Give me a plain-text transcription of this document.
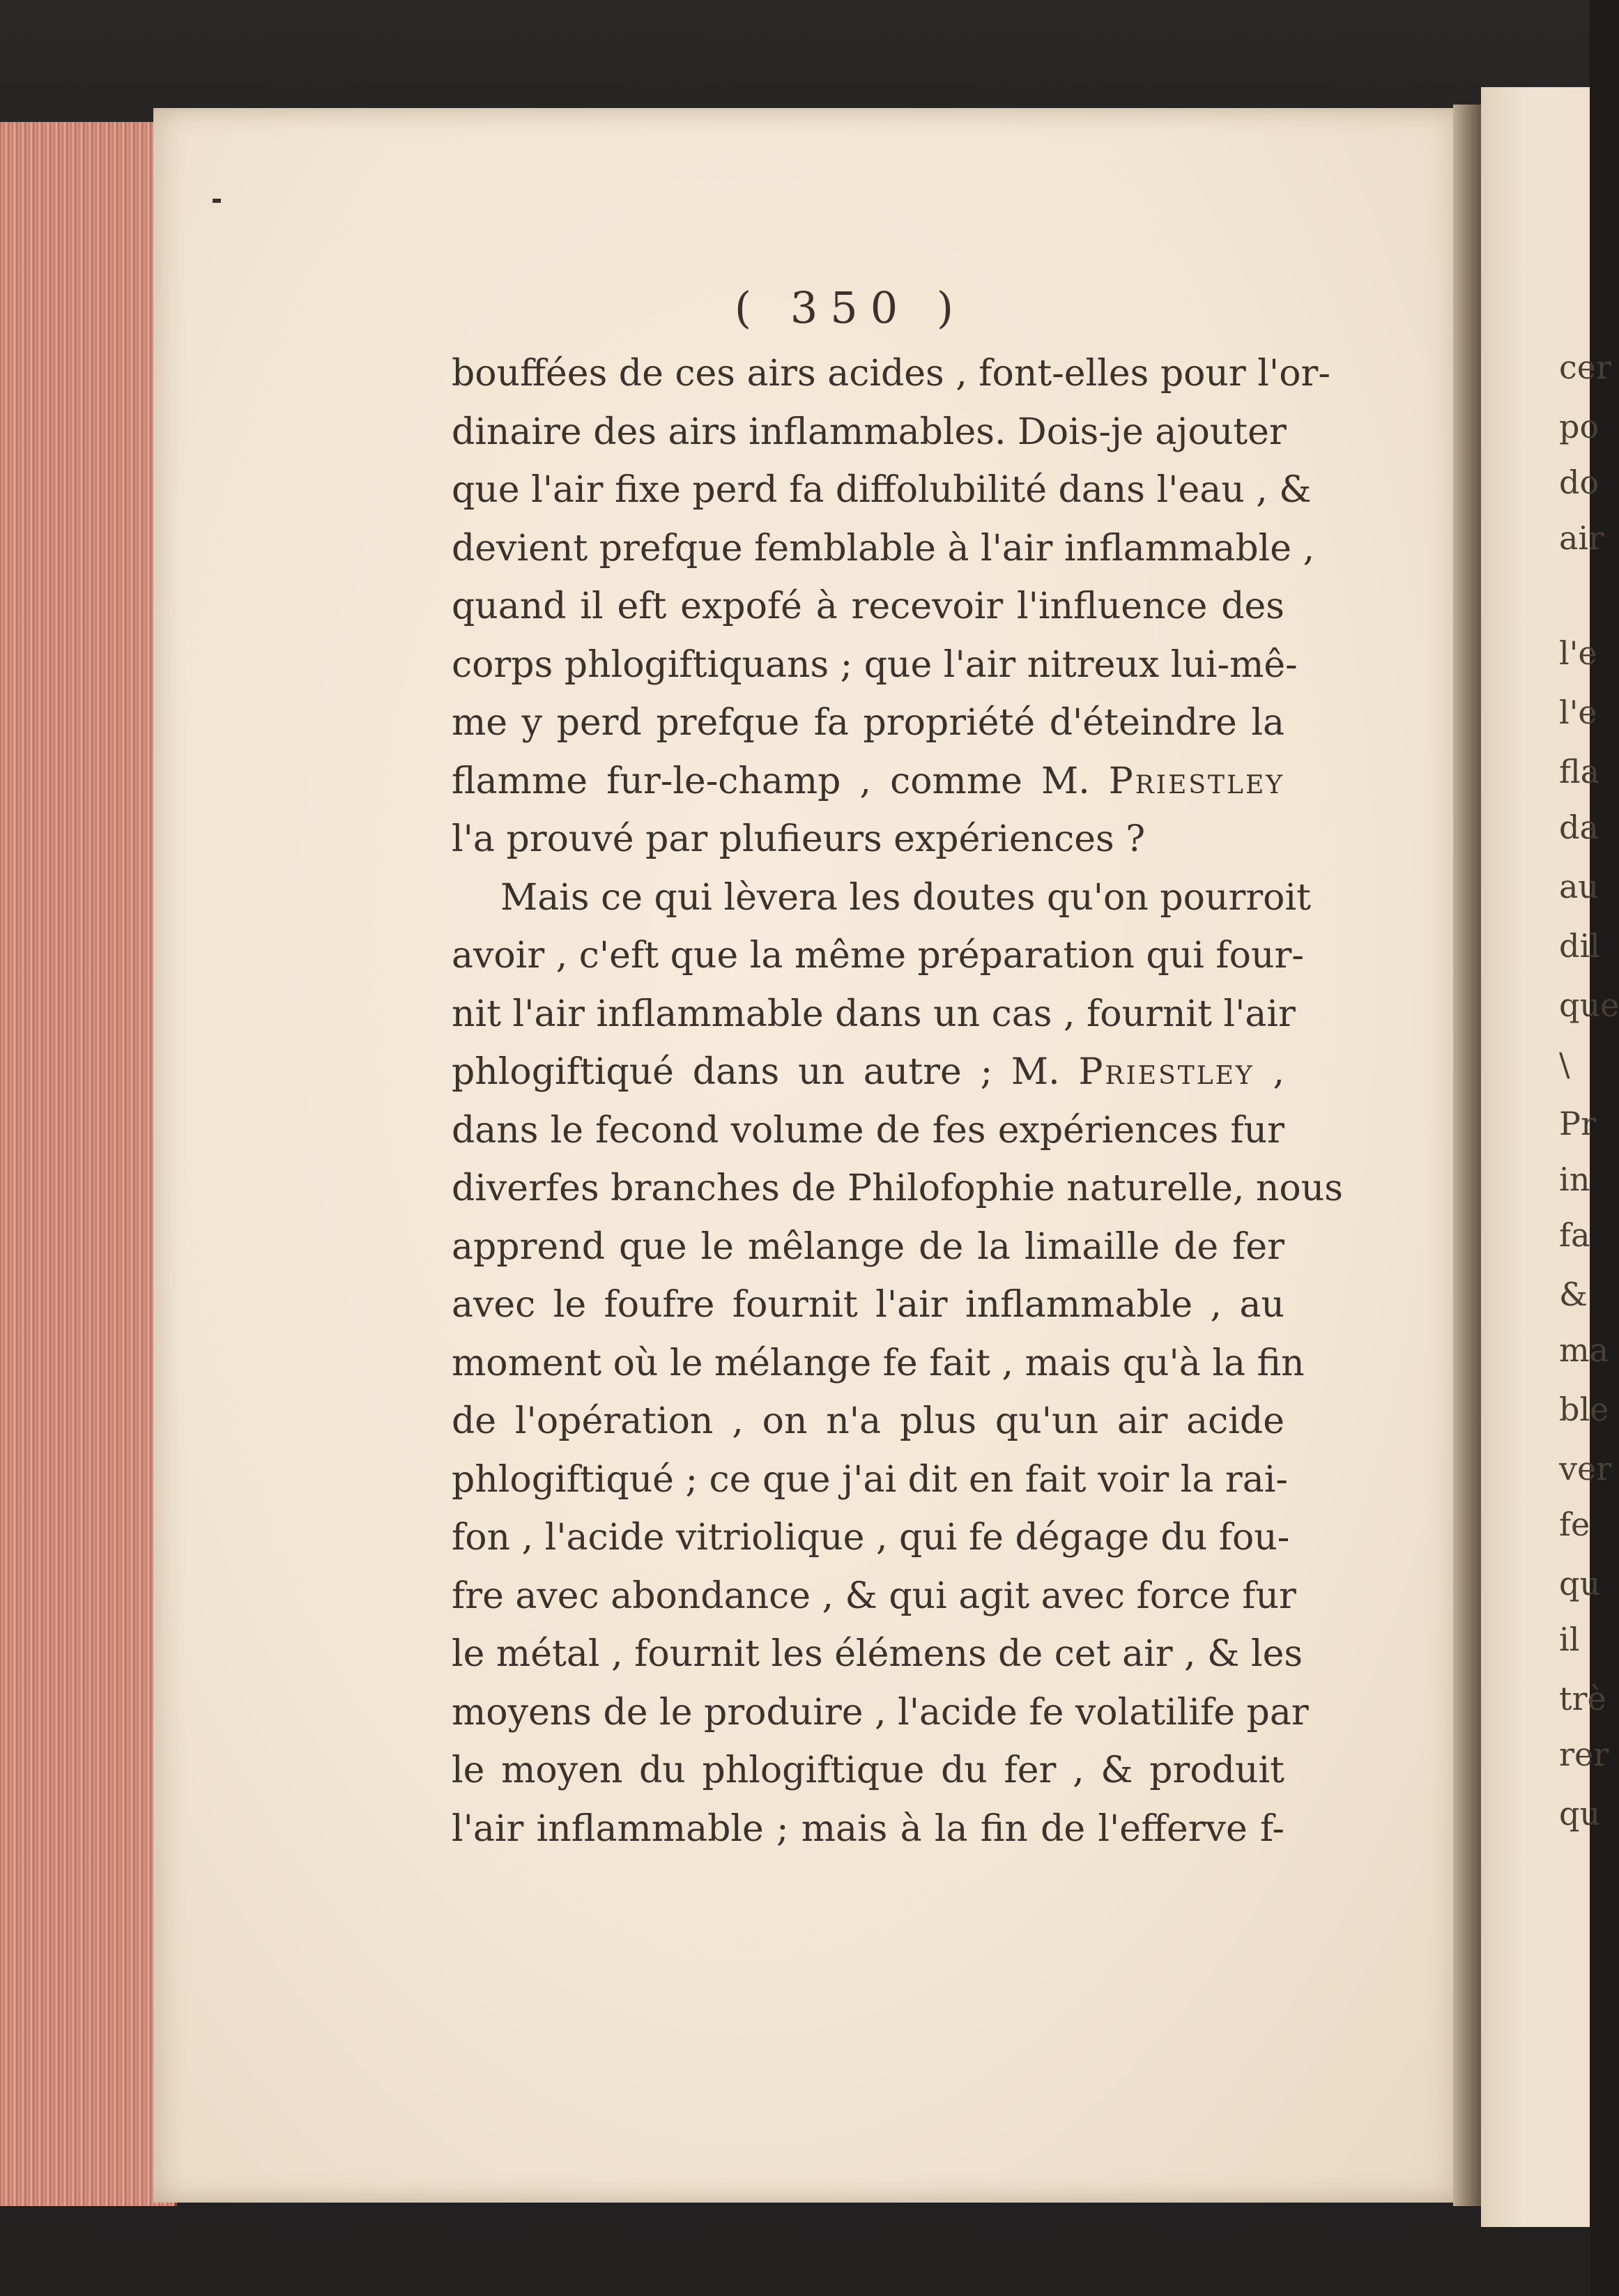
cer
po
do
air
l'e
l'e
fla
da
au
dil
que
\
Pr
in
fa
&
ma
ble
ver
fe
qu
il
trè
rer
qu
( 350 )
bouffées de ces airs acides , font-elles pour l'or-
dinaire des airs inflammables. Dois-je ajouter
que l'air fixe perd fa diffolubilité dans l'eau , &
devient prefque femblable à l'air inflammable ,
quand il eft expofé à recevoir l'influence des
corps phlogiftiquans ; que l'air nitreux lui-mê-
me y perd prefque fa propriété d'éteindre la
flamme fur-le-champ , comme M. Priestley
l'a prouvé par plufieurs expériences ?
Mais ce qui lèvera les doutes qu'on pourroit
avoir , c'eft que la même préparation qui four-
nit l'air inflammable dans un cas , fournit l'air
phlogiftiqué dans un autre ; M. Priestley ,
dans le fecond volume de fes expériences fur
diverfes branches de Philofophie naturelle, nous
apprend que le mêlange de la limaille de fer
avec le foufre fournit l'air inflammable , au
moment où le mélange fe fait , mais qu'à la fin
de l'opération , on n'a plus qu'un air acide
phlogiftiqué ; ce que j'ai dit en fait voir la rai-
fon , l'acide vitriolique , qui fe dégage du fou-
fre avec abondance , & qui agit avec force fur
le métal , fournit les élémens de cet air , & les
moyens de le produire , l'acide fe volatilife par
le moyen du phlogiftique du fer , & produit
l'air inflammable ; mais à la fin de l'efferve f-
